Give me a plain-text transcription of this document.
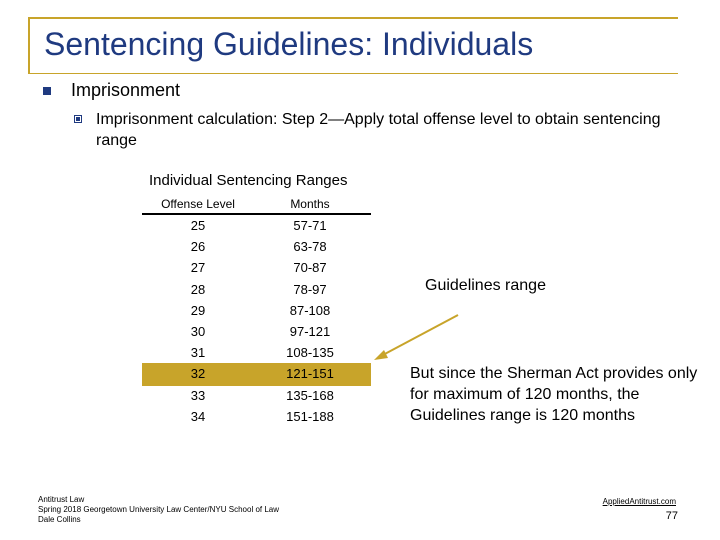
Sentencing Guidelines: Individuals
Imprisonment
Imprisonment calculation: Step 2—Apply total offense level to obtain sentencing range
Individual Sentencing Ranges
Offense Level	Months
25	57-71
26	63-78
27	70-87
28	78-97
29	87-108
30	97-121
31	108-135
32	121-151
33	135-168
34	151-188
Guidelines range
But since the Sherman Act provides only for maximum of 120 months, the Guidelines range is 120 months
Antitrust Law
Spring 2018 Georgetown University Law Center/NYU School of Law
Dale Collins
AppliedAntitrust.com
77
